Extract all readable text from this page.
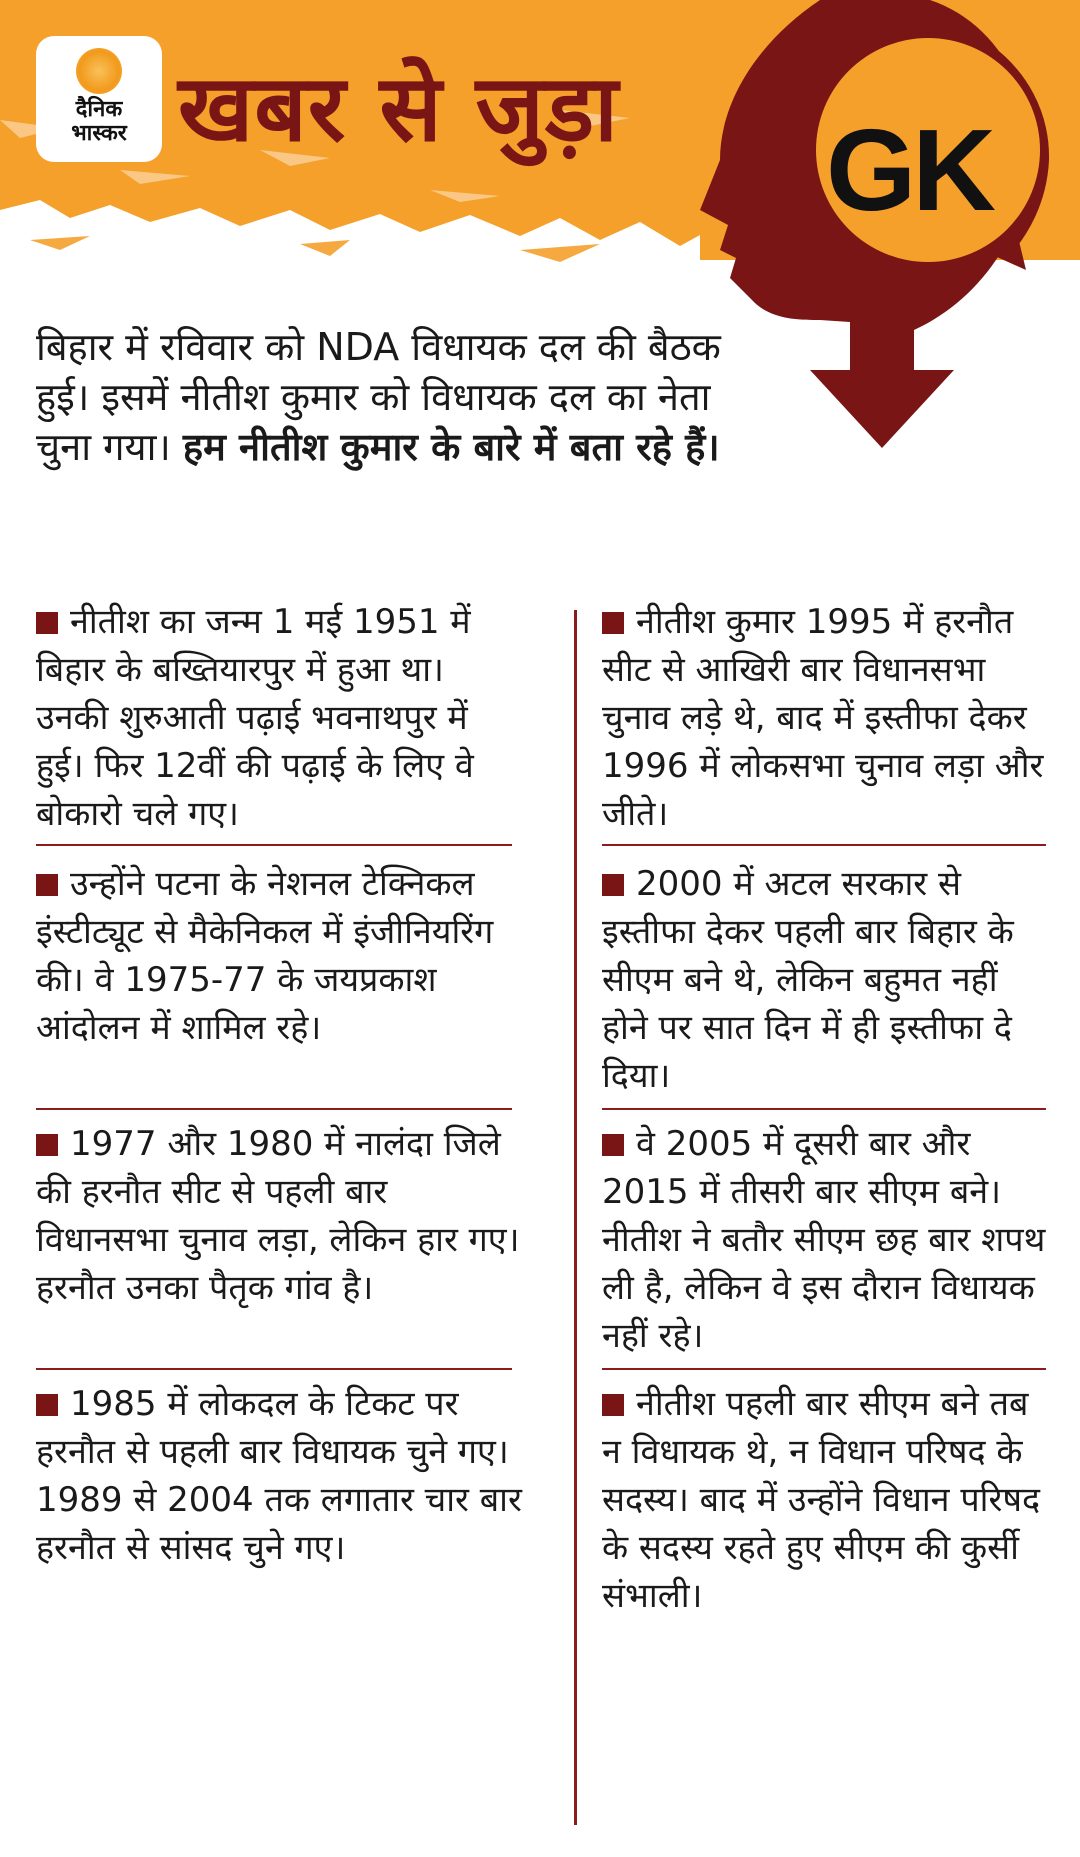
दैनिक
भास्कर खबर से जुड़ा GK
बिहार में रविवार को NDA विधायक दल की बैठक हुई। इसमें नीतीश कुमार को विधायक दल का नेता चुना गया। हम नीतीश कुमार के बारे में बता रहे हैं।
नीतीश का जन्म 1 मई 1951 में बिहार के बख्तियारपुर में हुआ था। उनकी शुरुआती पढ़ाई भवनाथपुर में हुई। फिर 12वीं की पढ़ाई के लिए वे बोकारो चले गए।
उन्होंने पटना के नेशनल टेक्निकल इंस्टीट्यूट से मैकेनिकल में इंजीनियरिंग की। वे 1975-77 के जयप्रकाश आंदोलन में शामिल रहे।
1977 और 1980 में नालंदा जिले की हरनौत सीट से पहली बार विधानसभा चुनाव लड़ा, लेकिन हार गए। हरनौत उनका पैतृक गांव है।
1985 में लोकदल के टिकट पर हरनौत से पहली बार विधायक चुने गए। 1989 से 2004 तक लगातार चार बार हरनौत से सांसद चुने गए।
नीतीश कुमार 1995 में हरनौत सीट से आखिरी बार विधानसभा चुनाव लड़े थे, बाद में इस्तीफा देकर 1996 में लोकसभा चुनाव लड़ा और जीते।
2000 में अटल सरकार से इस्तीफा देकर पहली बार बिहार के सीएम बने थे, लेकिन बहुमत नहीं होने पर सात दिन में ही इस्तीफा दे दिया।
वे 2005 में दूसरी बार और 2015 में तीसरी बार सीएम बने। नीतीश ने बतौर सीएम छह बार शपथ ली है, लेकिन वे इस दौरान विधायक नहीं रहे।
नीतीश पहली बार सीएम बने तब न विधायक थे, न विधान परिषद के सदस्य। बाद में उन्होंने विधान परिषद के सदस्य रहते हुए सीएम की कुर्सी संभाली।
